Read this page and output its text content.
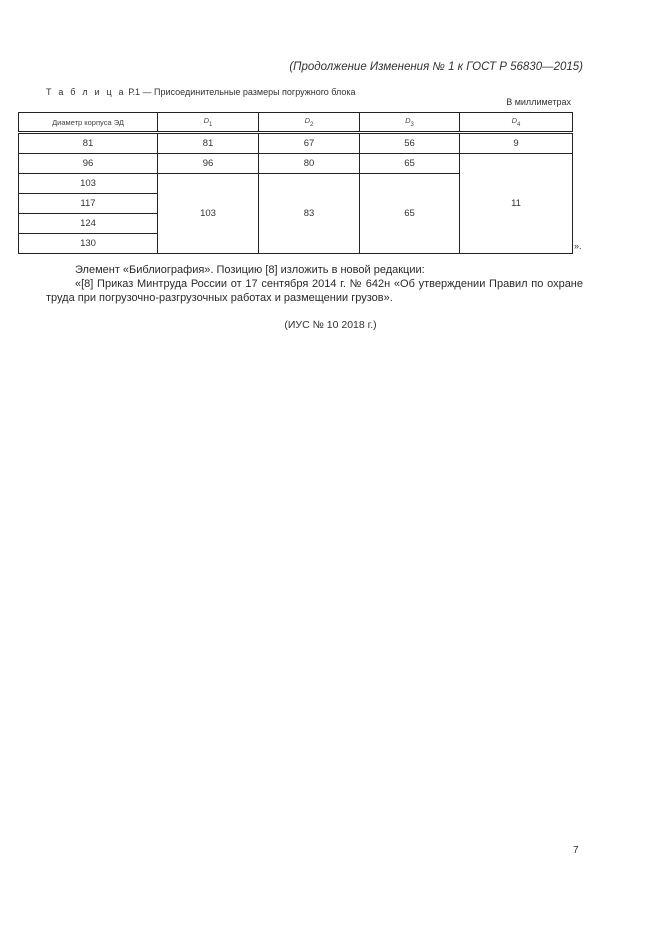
(Продолжение Изменения № 1 к ГОСТ Р 56830—2015)
Т а б л и ц а Р.1 — Присоединительные размеры погружного блока
В миллиметрах
Диаметр корпуса ЭД	$D_1$	$D_2$	$D_3$	$D_4$
81	81	67	56	9
96	96	80	65	11
103	103	83	65	
117				
124				
130					».
Элемент «Библиография». Позицию [8] изложить в новой редакции:
«[8] Приказ Минтруда России от 17 сентября 2014 г. № 642н «Об утверждении Правил по охране
труда при погрузочно-разгрузочных работах и размещении грузов».
(ИУС № 10 2018 г.)
7
